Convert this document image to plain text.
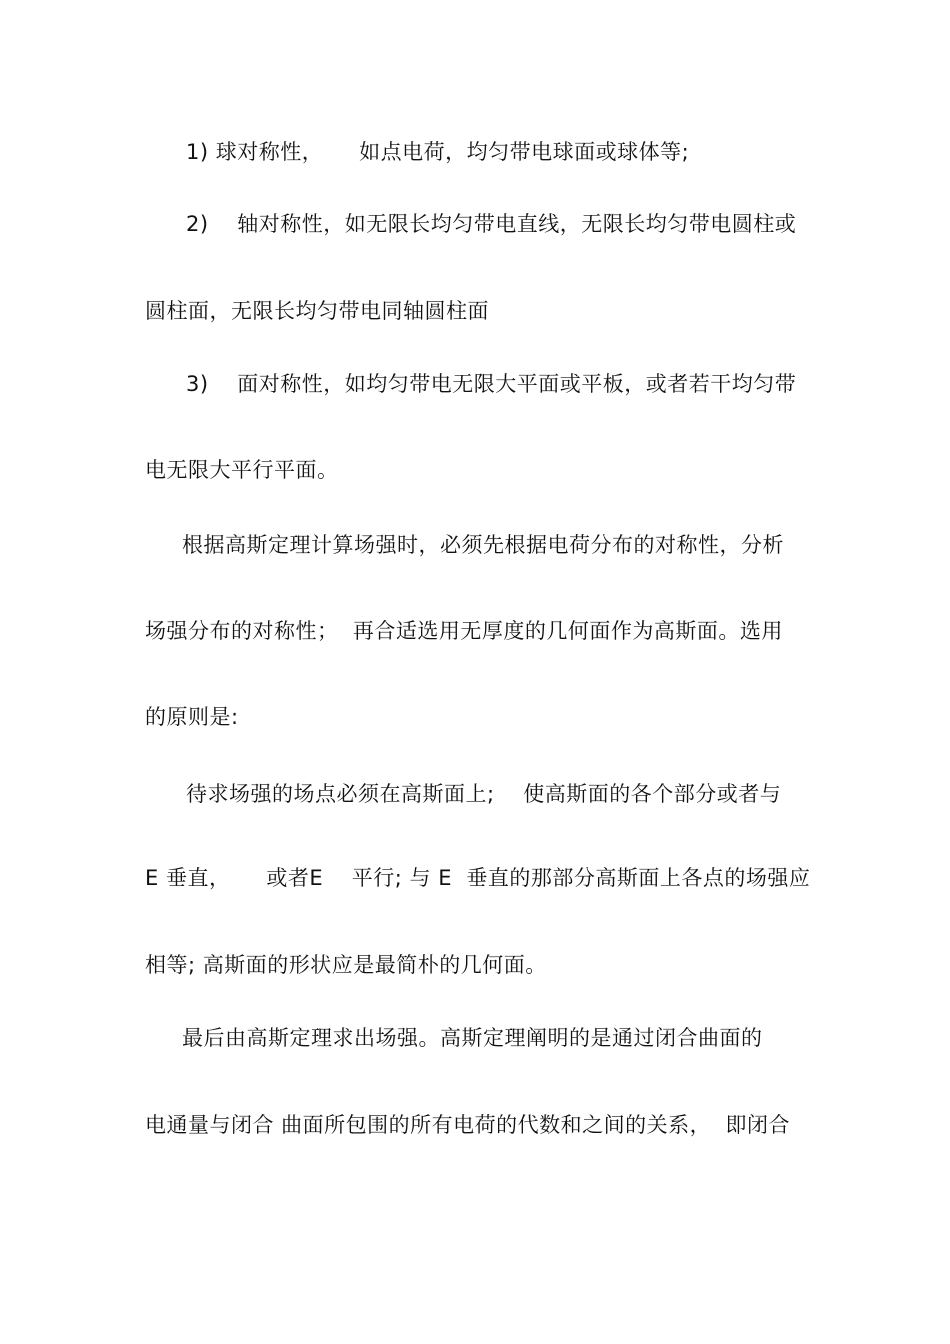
1) 球对称性，     如点电荷，均匀带电球面或球体等;
2)    轴对称性，如无限长均匀带电直线，无限长均匀带电圆柱或
圆柱面，无限长均匀带电同轴圆柱面
3)    面对称性，如均匀带电无限大平面或平板，或者若干均匀带
电无限大平行平面。
根据高斯定理计算场强时，必须先根据电荷分布的对称性，分析
场强分布的对称性；  再合适选用无厚度的几何面作为高斯面。选用
的原则是:
待求场强的场点必须在高斯面上;    使高斯面的各个部分或者与
E 垂直，     或者E    平行; 与 E  垂直的那部分高斯面上各点的场强应
相等; 高斯面的形状应是最简朴的几何面。
最后由高斯定理求出场强。高斯定理阐明的是通过闭合曲面的
电通量与闭合 曲面所包围的所有电荷的代数和之间的关系，  即闭合
